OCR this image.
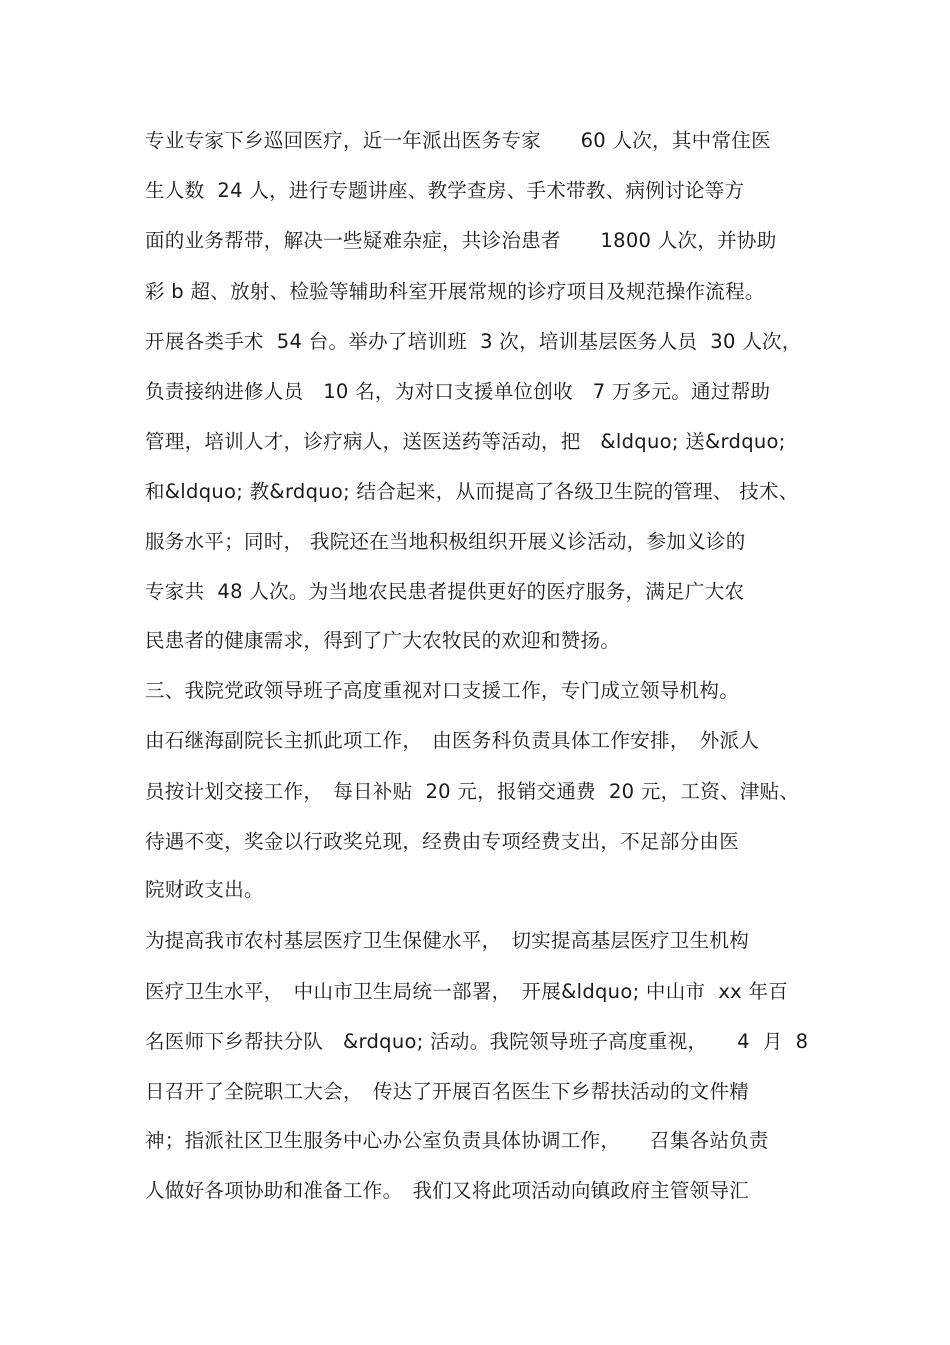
专业专家下乡巡回医疗，近一年派出医务专家　　60 人次，其中常住医
生人数  24 人，进行专题讲座、教学查房、手术带教、病例讨论等方
面的业务帮带，解决一些疑难杂症，共诊治患者　　1800 人次，并协助
彩 b 超、放射、检验等辅助科室开展常规的诊疗项目及规范操作流程。
开展各类手术  54 台。举办了培训班  3 次，培训基层医务人员  30 人次，
负责接纳进修人员　10 名，为对口支援单位创收　7 万多元。通过帮助
管理，培训人才，诊疗病人，送医送药等活动，把　&ldquo; 送&rdquo;
和&ldquo; 教&rdquo; 结合起来，从而提高了各级卫生院的管理、 技术、
服务水平；同时， 我院还在当地积极组织开展义诊活动，参加义诊的
专家共  48 人次。为当地农民患者提供更好的医疗服务，满足广大农
民患者的健康需求，得到了广大农牧民的欢迎和赞扬。
三、我院党政领导班子高度重视对口支援工作，专门成立领导机构。
由石继海副院长主抓此项工作，　由医务科负责具体工作安排，　外派人
员按计划交接工作，　每日补贴  20 元，报销交通费  20 元，工资、津贴、
待遇不变，奖金以行政奖兑现，经费由专项经费支出，不足部分由医
院财政支出。
为提高我市农村基层医疗卫生保健水平，　切实提高基层医疗卫生机构
医疗卫生水平，　中山市卫生局统一部署，　开展&ldquo; 中山市  xx 年百
名医师下乡帮扶分队　&rdquo; 活动。我院领导班子高度重视，　　4  月  8
日召开了全院职工大会，　传达了开展百名医生下乡帮扶活动的文件精
神；指派社区卫生服务中心办公室负责具体协调工作，　　召集各站负责
人做好各项协助和准备工作。　我们又将此项活动向镇政府主管领导汇
